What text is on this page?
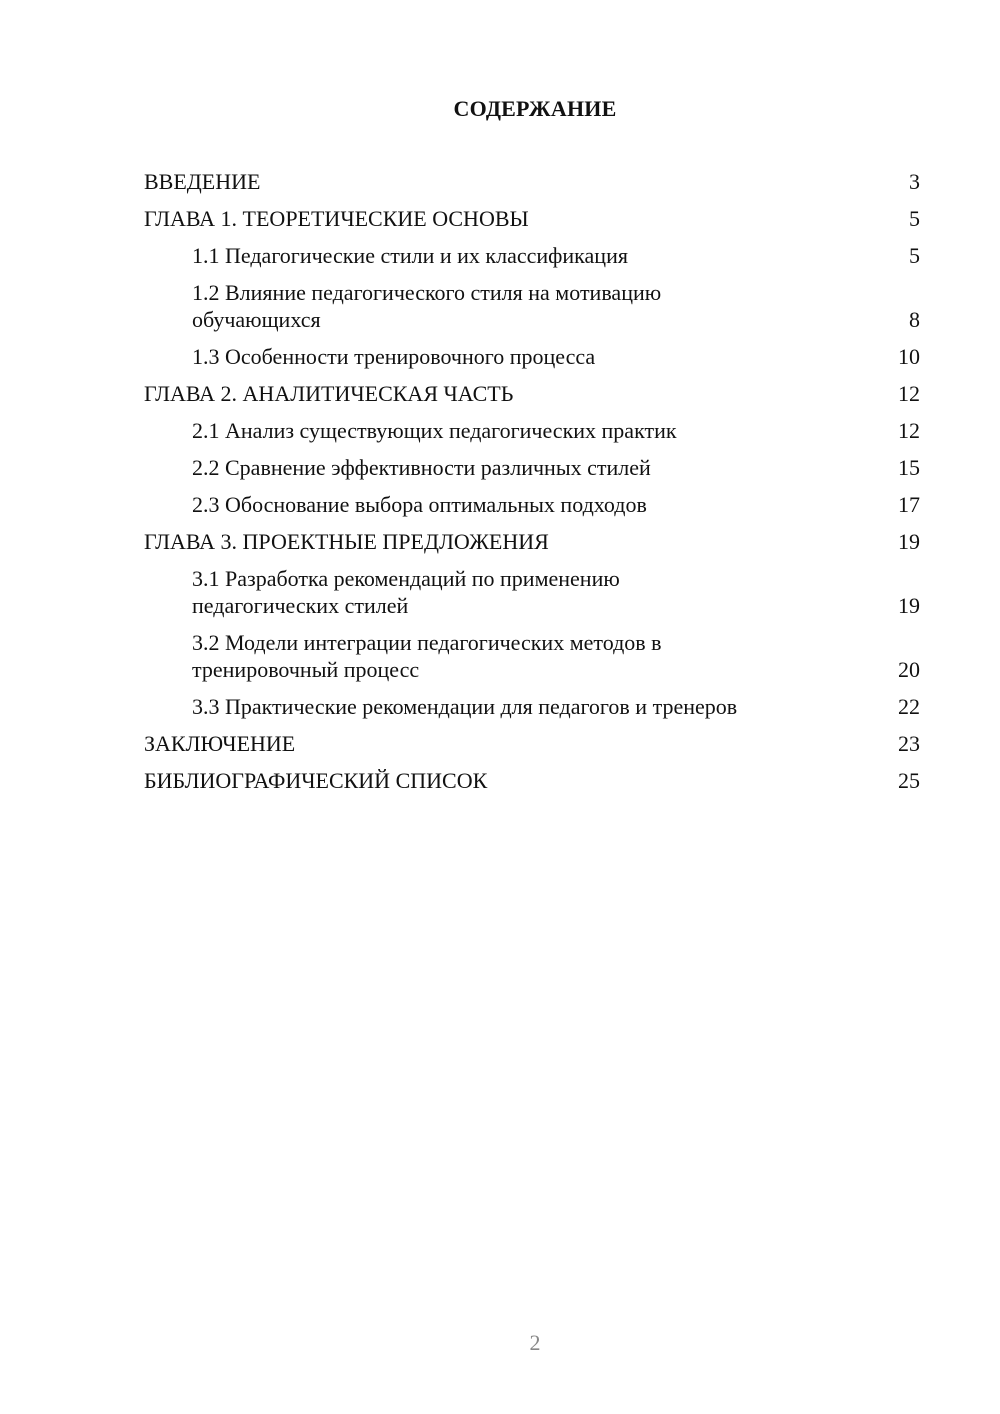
СОДЕРЖАНИЕ
ВВЕДЕНИЕ	3
ГЛАВА 1. ТЕОРЕТИЧЕСКИЕ ОСНОВЫ	5
1.1 Педагогические стили и их классификация	5
1.2 Влияние педагогического стиля на мотивацию обучающихся	8
1.3 Особенности тренировочного процесса	10
ГЛАВА 2. АНАЛИТИЧЕСКАЯ ЧАСТЬ	12
2.1 Анализ существующих педагогических практик	12
2.2 Сравнение эффективности различных стилей	15
2.3 Обоснование выбора оптимальных подходов	17
ГЛАВА 3. ПРОЕКТНЫЕ ПРЕДЛОЖЕНИЯ	19
3.1 Разработка рекомендаций по применению педагогических стилей	19
3.2 Модели интеграции педагогических методов в тренировочный процесс	20
3.3 Практические рекомендации для педагогов и тренеров	22
ЗАКЛЮЧЕНИЕ	23
БИБЛИОГРАФИЧЕСКИЙ СПИСОК	25
2
